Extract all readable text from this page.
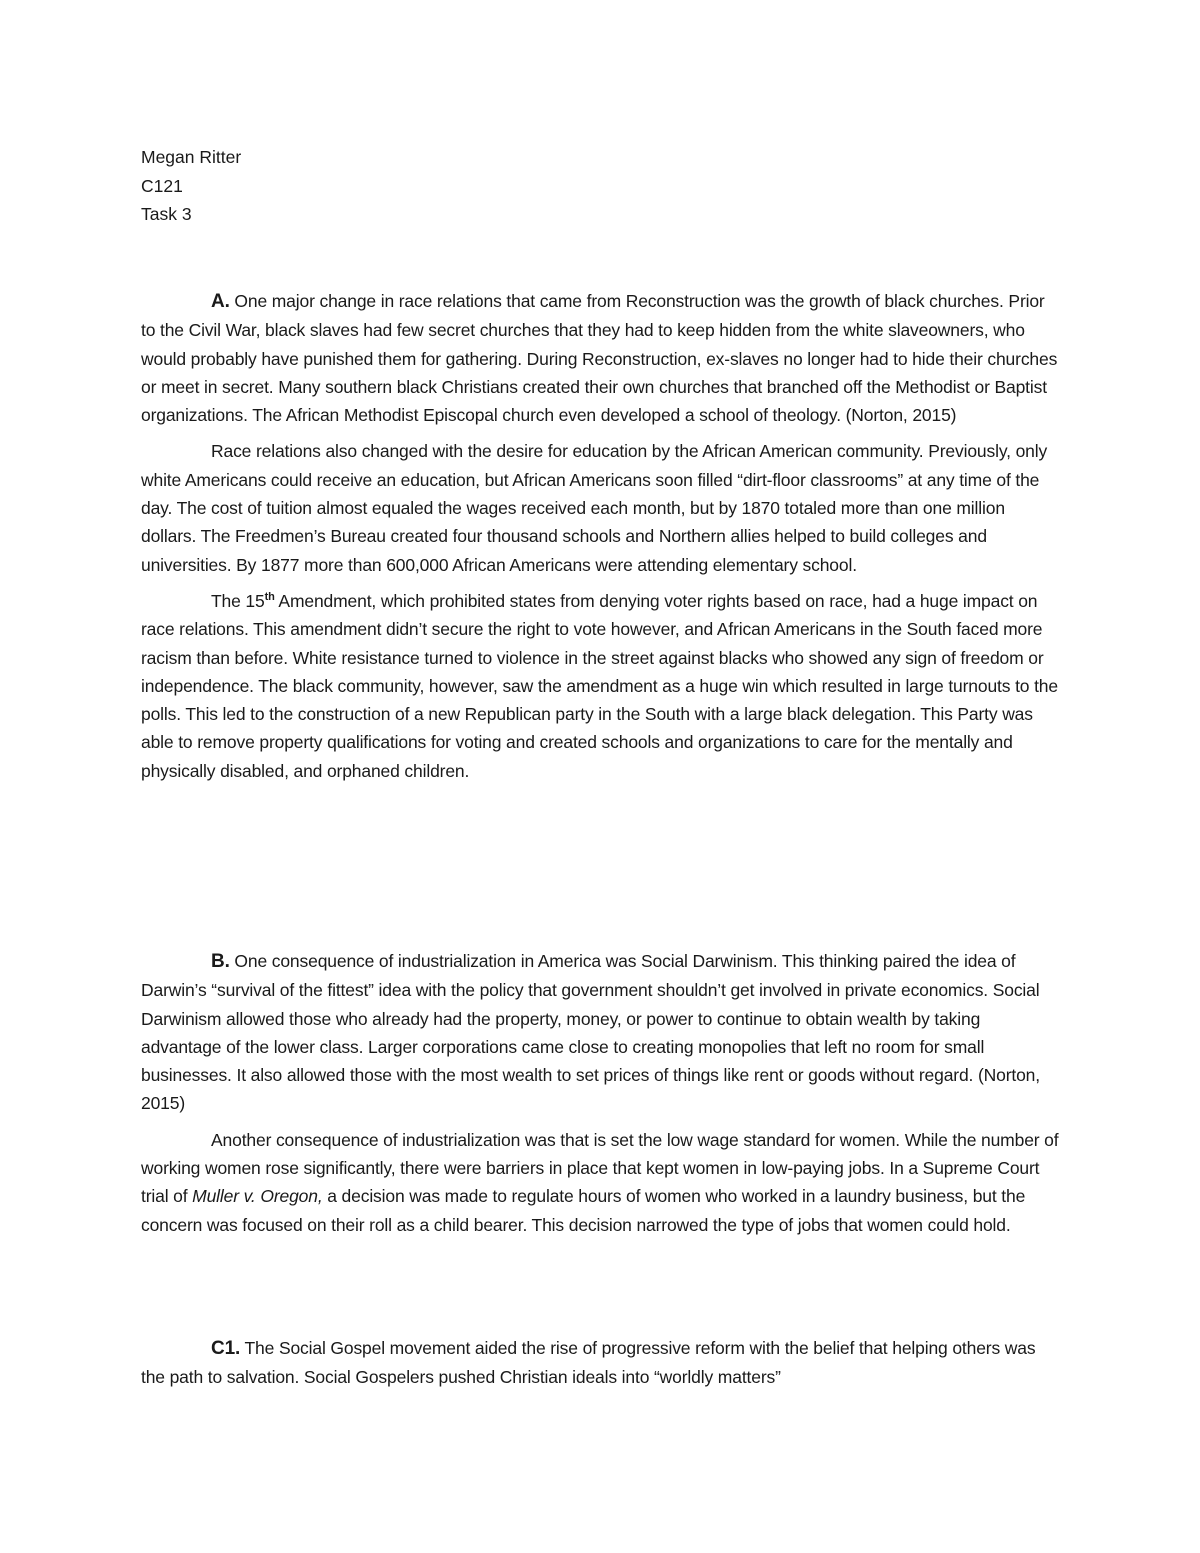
Megan Ritter
C121
Task 3

A. One major change in race relations that came from Reconstruction was the growth of black churches. Prior to the Civil War, black slaves had few secret churches that they had to keep hidden from the white slaveowners, who would probably have punished them for gathering. During Reconstruction, ex-slaves no longer had to hide their churches or meet in secret. Many southern black Christians created their own churches that branched off the Methodist or Baptist organizations. The African Methodist Episcopal church even developed a school of theology. (Norton, 2015)

Race relations also changed with the desire for education by the African American community. Previously, only white Americans could receive an education, but African Americans soon filled “dirt-floor classrooms” at any time of the day. The cost of tuition almost equaled the wages received each month, but by 1870 totaled more than one million dollars. The Freedmen’s Bureau created four thousand schools and Northern allies helped to build colleges and universities. By 1877 more than 600,000 African Americans were attending elementary school.

The 15th Amendment, which prohibited states from denying voter rights based on race, had a huge impact on race relations. This amendment didn’t secure the right to vote however, and African Americans in the South faced more racism than before. White resistance turned to violence in the street against blacks who showed any sign of freedom or independence. The black community, however, saw the amendment as a huge win which resulted in large turnouts to the polls. This led to the construction of a new Republican party in the South with a large black delegation. This Party was able to remove property qualifications for voting and created schools and organizations to care for the mentally and physically disabled, and orphaned children.

B. One consequence of industrialization in America was Social Darwinism. This thinking paired the idea of Darwin’s “survival of the fittest” idea with the policy that government shouldn’t get involved in private economics. Social Darwinism allowed those who already had the property, money, or power to continue to obtain wealth by taking advantage of the lower class. Larger corporations came close to creating monopolies that left no room for small businesses. It also allowed those with the most wealth to set prices of things like rent or goods without regard. (Norton, 2015)

Another consequence of industrialization was that is set the low wage standard for women. While the number of working women rose significantly, there were barriers in place that kept women in low-paying jobs. In a Supreme Court trial of Muller v. Oregon, a decision was made to regulate hours of women who worked in a laundry business, but the concern was focused on their roll as a child bearer. This decision narrowed the type of jobs that women could hold.

C1. The Social Gospel movement aided the rise of progressive reform with the belief that helping others was the path to salvation. Social Gospelers pushed Christian ideals into “worldly matters”
